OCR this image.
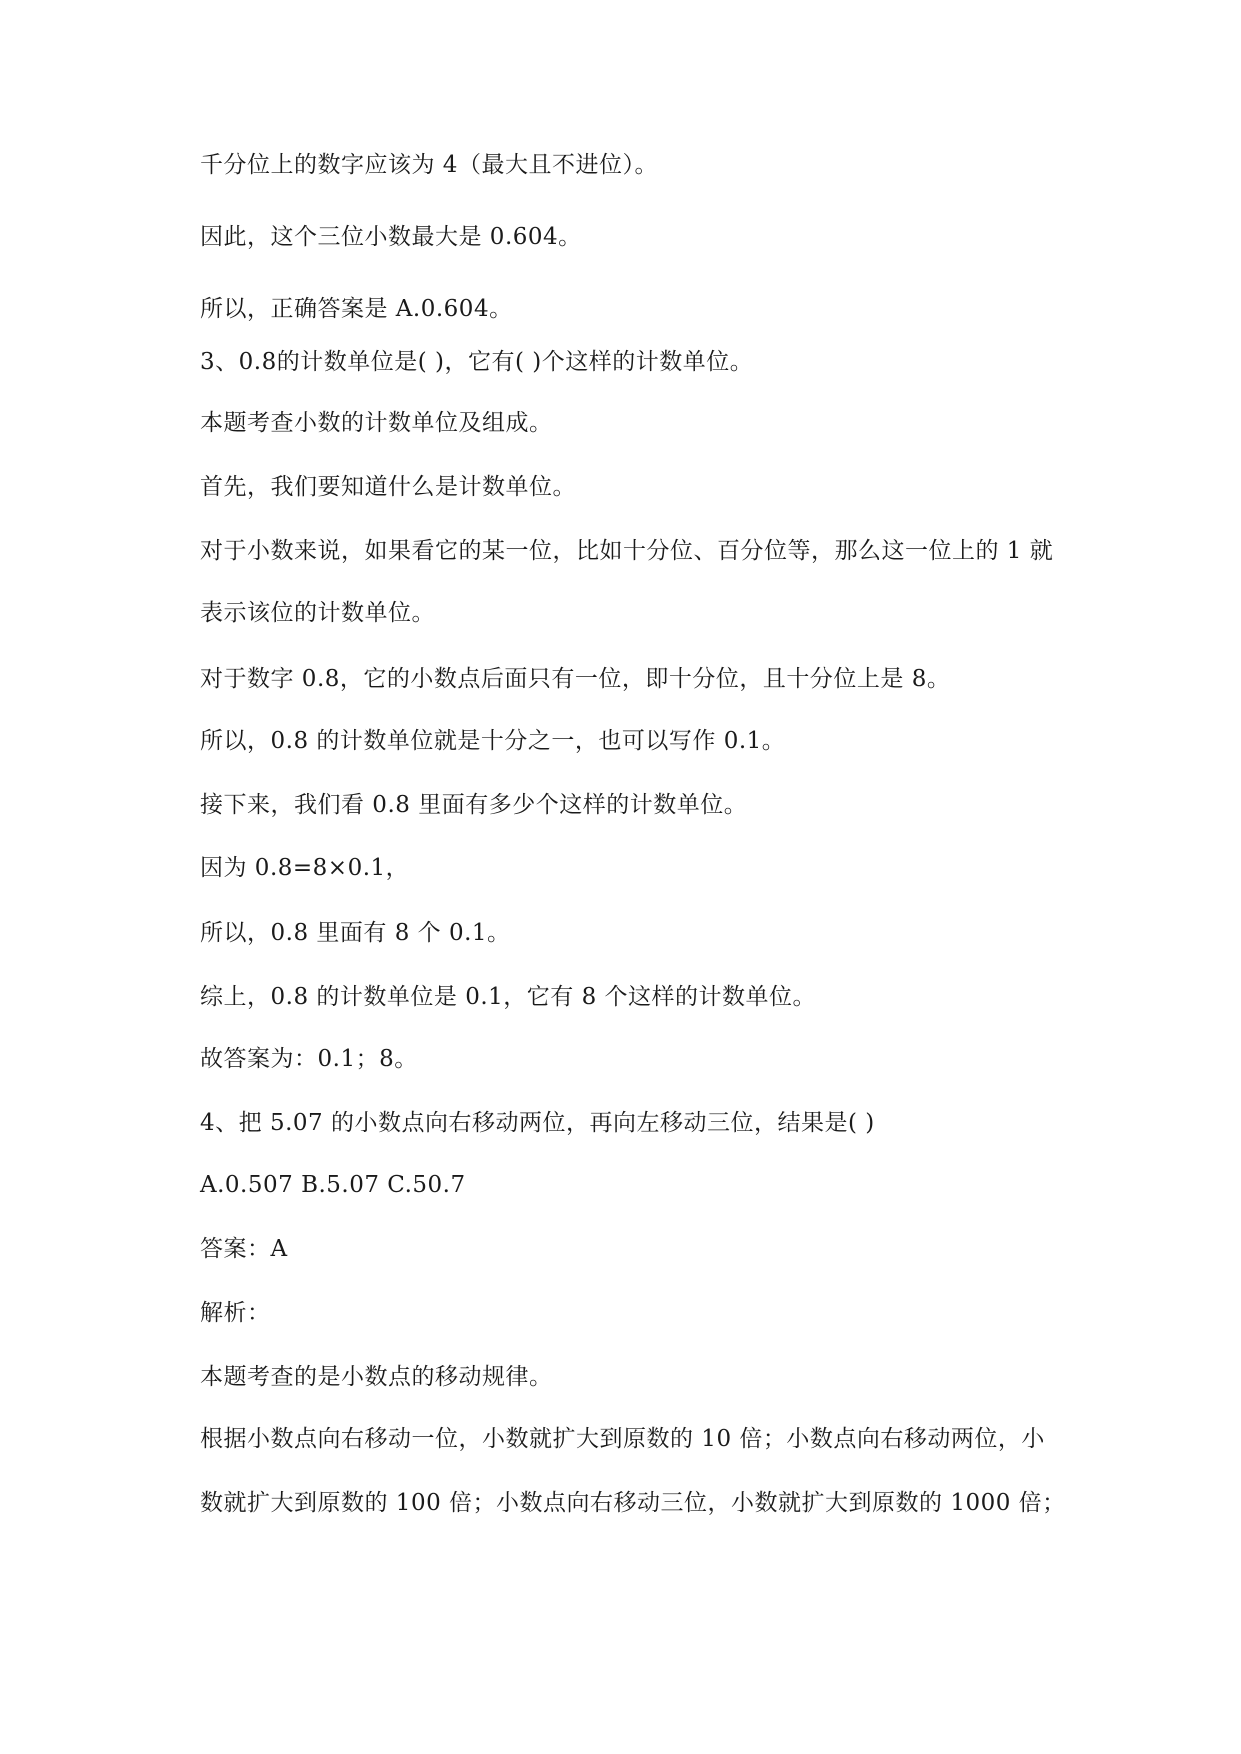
千分位上的数字应该为 4（最大且不进位）。
因此，这个三位小数最大是 0.604。
所以，正确答案是 A.0.604。
3、0.8的计数单位是( )，它有( )个这样的计数单位。
本题考查小数的计数单位及组成。
首先，我们要知道什么是计数单位。
对于小数来说，如果看它的某一位，比如十分位、百分位等，那么这一位上的 1 就
表示该位的计数单位。
对于数字 0.8，它的小数点后面只有一位，即十分位，且十分位上是 8。
所以，0.8 的计数单位就是十分之一，也可以写作 0.1。
接下来，我们看 0.8 里面有多少个这样的计数单位。
因为 0.8=8×0.1，
所以，0.8 里面有 8 个 0.1。
综上，0.8 的计数单位是 0.1，它有 8 个这样的计数单位。
故答案为：0.1；8。
4、把 5.07 的小数点向右移动两位，再向左移动三位，结果是( )
A.0.507 B.5.07 C.50.7
答案：A
解析：
本题考查的是小数点的移动规律。
根据小数点向右移动一位，小数就扩大到原数的 10 倍；小数点向右移动两位，小
数就扩大到原数的 100 倍；小数点向右移动三位，小数就扩大到原数的 1000 倍；
